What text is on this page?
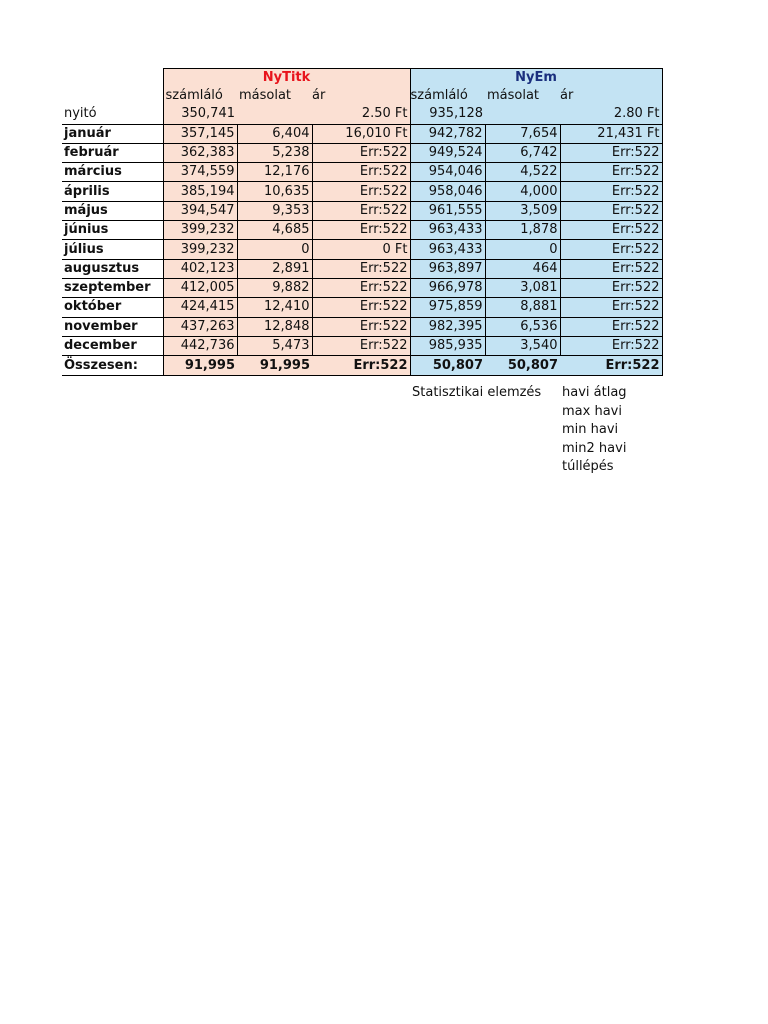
	NyTitk			NyEm		

	számláló	másolat	ár	számláló	másolat	ár
nyitó	350,741		2.50 Ft	935,128		2.80 Ft
január	357,145	6,404	16,010 Ft	942,782	7,654	21,431 Ft
február	362,383	5,238	Err:522	949,524	6,742	Err:522
március	374,559	12,176	Err:522	954,046	4,522	Err:522
április	385,194	10,635	Err:522	958,046	4,000	Err:522
május	394,547	9,353	Err:522	961,555	3,509	Err:522
június	399,232	4,685	Err:522	963,433	1,878	Err:522
július	399,232	0	0 Ft	963,433	0	Err:522
augusztus	402,123	2,891	Err:522	963,897	464	Err:522
szeptember	412,005	9,882	Err:522	966,978	3,081	Err:522
október	424,415	12,410	Err:522	975,859	8,881	Err:522
november	437,263	12,848	Err:522	982,395	6,536	Err:522
december	442,736	5,473	Err:522	985,935	3,540	Err:522
Összesen:	91,995	91,995	Err:522	50,807	50,807	Err:522
Statisztikai elemzés havi átlag
max havi
min havi
min2 havi
túllépés
